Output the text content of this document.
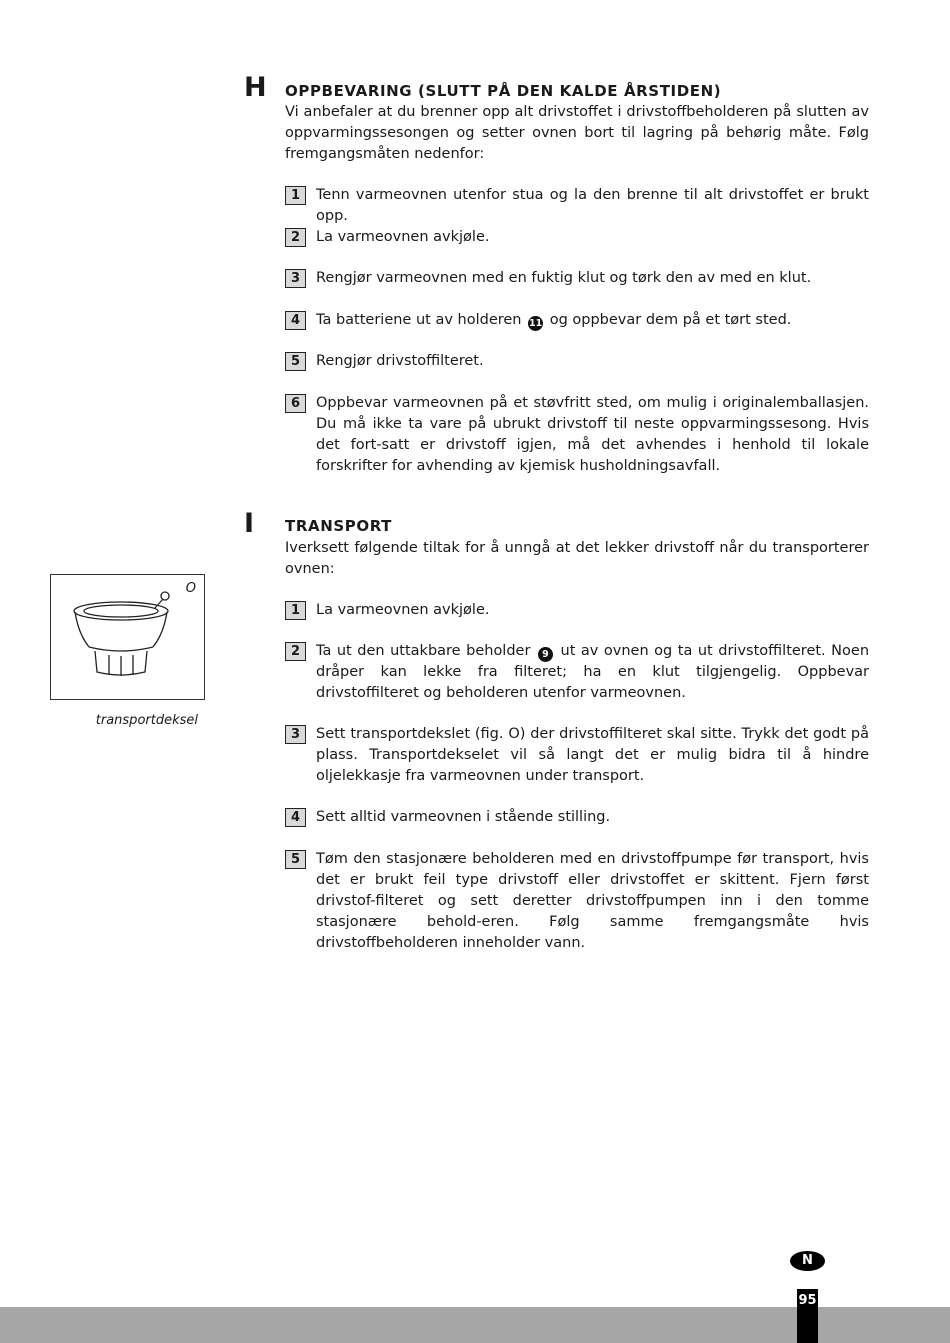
H OPPBEVARING (SLUTT PÅ DEN KALDE ÅRSTIDEN)
Vi anbefaler at du brenner opp alt drivstoffet i drivstoffbeholderen på slutten av oppvarmingssesongen og setter ovnen bort til lagring på behørig måte. Følg fremgangsmåten nedenfor:
1	Tenn varmeovnen utenfor stua og la den brenne til alt drivstoffet er brukt opp.
2	La varmeovnen avkjøle.
3	Rengjør varmeovnen med en fuktig klut og tørk den av med en klut.
4	Ta batteriene ut av holderen 11 og oppbevar dem på et tørt sted.
5	Rengjør drivstoffilteret.
6	Oppbevar varmeovnen på et støvfritt sted, om mulig i originalemballasjen. Du må ikke ta vare på ubrukt drivstoff til neste oppvarmingssesong. Hvis det fort-satt er drivstoff igjen, må det avhendes i henhold til lokale forskrifter for avhending av kjemisk husholdningsavfall.
I TRANSPORT
Iverksett følgende tiltak for å unngå at det lekker drivstoff når du transporterer ovnen:
1	La varmeovnen avkjøle.
2	Ta ut den uttakbare beholder 9 ut av ovnen og ta ut drivstoffilteret. Noen dråper kan lekke fra filteret; ha en klut tilgjengelig. Oppbevar drivstoffilteret og beholderen utenfor varmeovnen.
3	Sett transportdekslet (fig. O) der drivstoffilteret skal sitte. Trykk det godt på plass. Transportdekselet vil så langt det er mulig bidra til å hindre oljelekkasje fra varmeovnen under transport.
4	Sett alltid varmeovnen i stående stilling.
5	Tøm den stasjonære beholderen med en drivstoffpumpe før transport, hvis det er brukt feil type drivstoff eller drivstoffet er skittent. Fjern først drivstof-filteret og sett deretter drivstoffpumpen inn i den tomme stasjonære behold-eren. Følg samme fremgangsmåte hvis drivstoffbeholderen inneholder vann.
O
transportdeksel
N
95
